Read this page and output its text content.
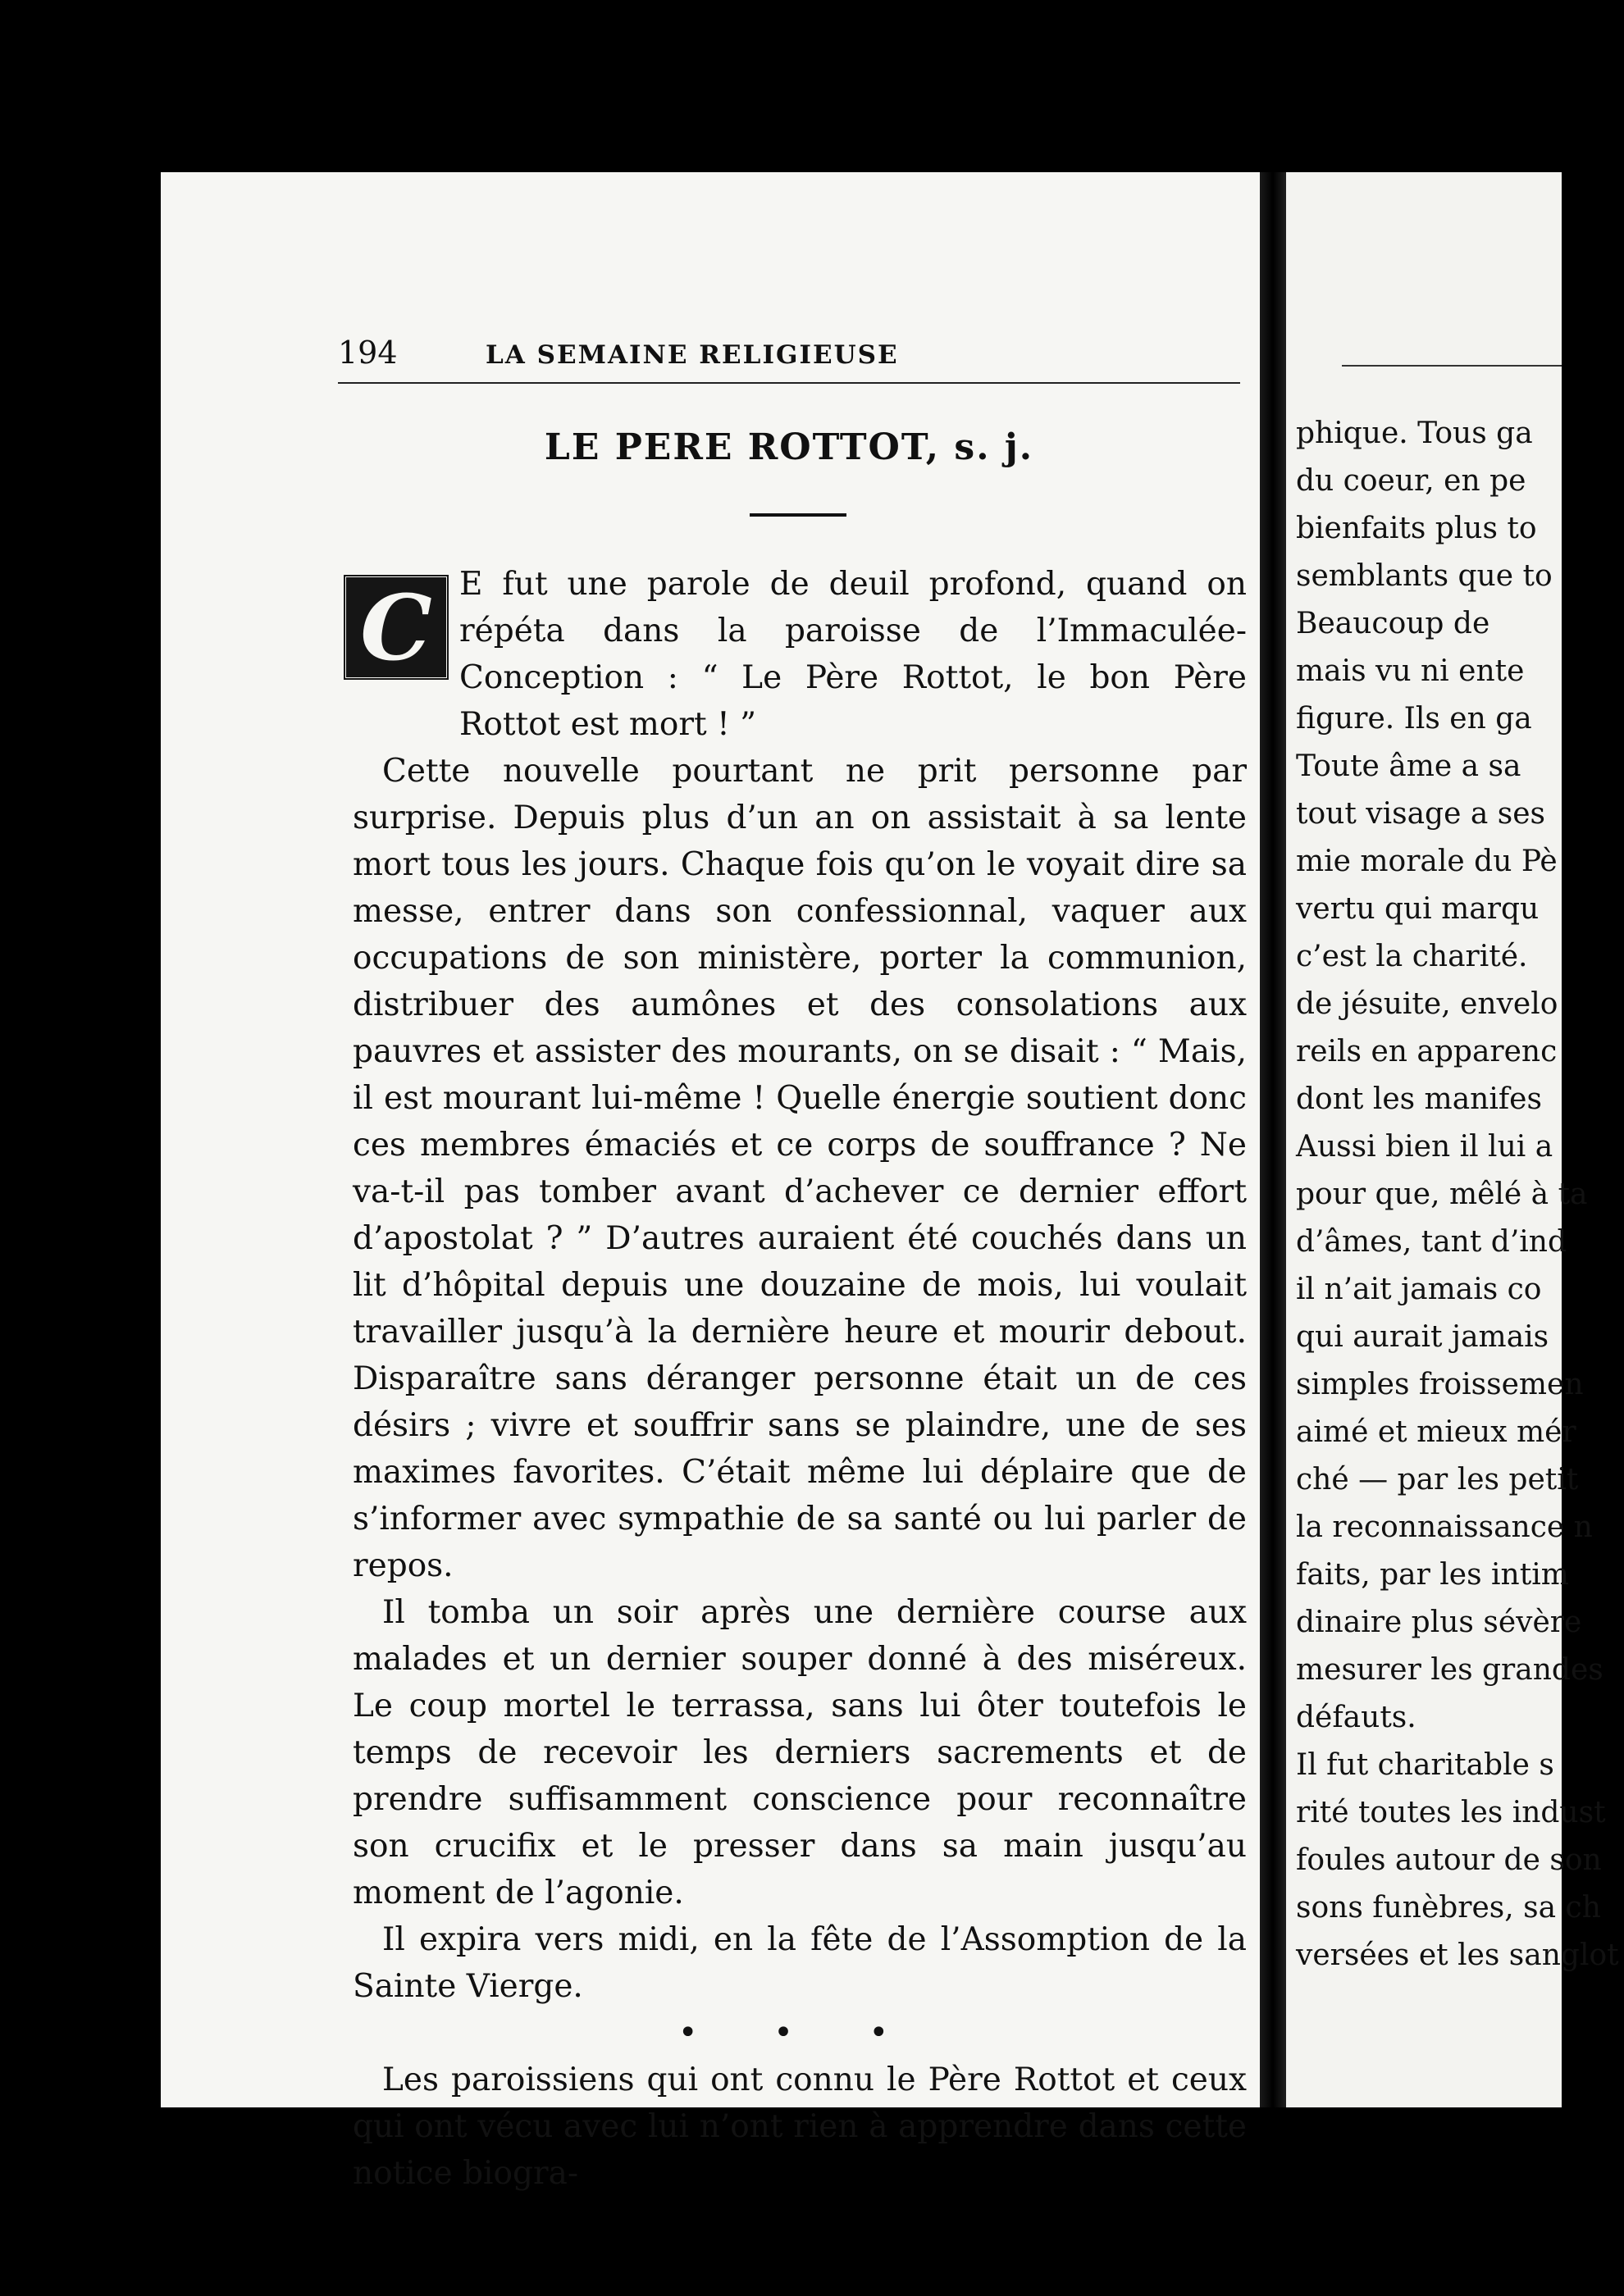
194	LA SEMAINE RELIGIEUSE
LE PERE ROTTOT, s. j.
C E fut une parole de deuil profond, quand on répéta dans la paroisse de l’Immaculée-Conception : “ Le Père Rottot, le bon Père Rottot est mort ! ”

Cette nouvelle pourtant ne prit personne par surprise. Depuis plus d’un an on assistait à sa lente mort tous les jours. Chaque fois qu’on le voyait dire sa messe, entrer dans son confessionnal, vaquer aux occupations de son ministère, porter la communion, distribuer des aumônes et des consolations aux pauvres et assister des mourants, on se disait : “ Mais, il est mourant lui-même ! Quelle énergie soutient donc ces membres émaciés et ce corps de souffrance ? Ne va-t-il pas tomber avant d’achever ce dernier effort d’apostolat ? ” D’autres auraient été couchés dans un lit d’hôpital depuis une douzaine de mois, lui voulait travailler jusqu’à la dernière heure et mourir debout. Disparaître sans déranger personne était un de ces désirs ; vivre et souffrir sans se plaindre, une de ses maximes favorites. C’était même lui déplaire que de s’informer avec sympathie de sa santé ou lui parler de repos.

Il tomba un soir après une dernière course aux malades et un dernier souper donné à des miséreux. Le coup mortel le terrassa, sans lui ôter toutefois le temps de recevoir les derniers sacrements et de prendre suffisamment conscience pour reconnaître son crucifix et le presser dans sa main jusqu’au moment de l’agonie.

Il expira vers midi, en la fête de l’Assomption de la Sainte Vierge.

• • •

Les paroissiens qui ont connu le Père Rottot et ceux qui ont vécu avec lui n’ont rien à apprendre dans cette notice biogra-

phique. Tous ga
du coeur, en pe
bienfaits plus to
semblants que to
Beaucoup de
mais vu ni ente
figure. Ils en ga
Toute âme a sa
tout visage a ses
mie morale du Pè
vertu qui marqu
c’est la charité.
de jésuite, envelo
reils en apparenc
dont les manifes
Aussi bien il lui a
pour que, mêlé à ta
d’âmes, tant d’ind
il n’ait jamais co
qui aurait jamais
simples froissemen
aimé et mieux mér
ché — par les petit
la reconnaissance n
faits, par les intim
dinaire plus sévère
mesurer les grandes
défauts.
Il fut charitable s
rité toutes les indust
foules autour de son
sons funèbres, sa ch
versées et les sanglot
